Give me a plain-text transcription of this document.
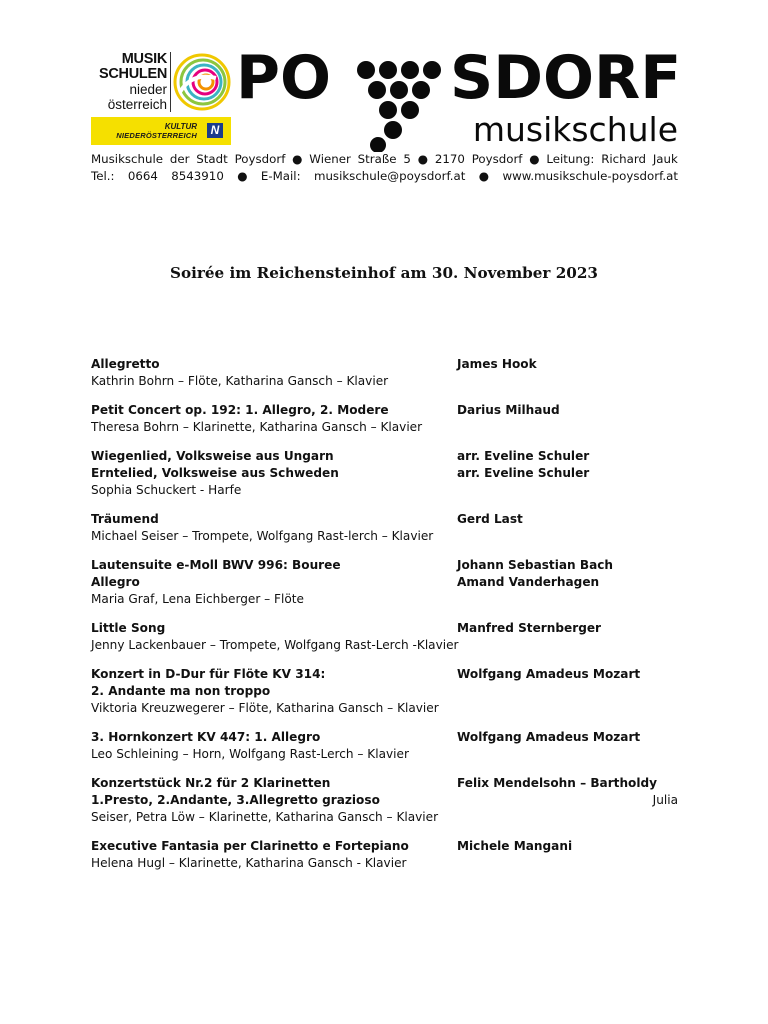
MUSIK
SCHULEN
nieder
österreich
KULTUR
NIEDERÖSTERREICH	N
PO SDORF
musikschule
Musikschule der Stadt Poysdorf ● Wiener Straße 5 ● 2170 Poysdorf ● Leitung: Richard Jauk
Tel.: 0664 8543910 ● E-Mail: musikschule@poysdorf.at ● www.musikschule-poysdorf.at
Soirée im Reichensteinhof am 30. November 2023
Allegretto	James Hook
Kathrin Bohrn – Flöte, Katharina Gansch – Klavier
Petit Concert op. 192: 1. Allegro, 2. Modere	Darius Milhaud
Theresa Bohrn – Klarinette, Katharina Gansch – Klavier
Wiegenlied, Volksweise aus Ungarn	arr. Eveline Schuler
Erntelied, Volksweise aus Schweden	arr. Eveline Schuler
Sophia Schuckert - Harfe
Träumend	Gerd Last
Michael Seiser – Trompete, Wolfgang Rast-lerch – Klavier
Lautensuite e-Moll BWV 996: Bouree	Johann Sebastian Bach
Allegro	Amand Vanderhagen
Maria Graf, Lena Eichberger – Flöte
Little Song	Manfred Sternberger
Jenny Lackenbauer – Trompete, Wolfgang Rast-Lerch -Klavier
Konzert in D-Dur für Flöte KV 314:	Wolfgang Amadeus Mozart
2. Andante ma non troppo
Viktoria Kreuzwegerer – Flöte, Katharina Gansch – Klavier
3. Hornkonzert KV 447: 1. Allegro	Wolfgang Amadeus Mozart
Leo Schleining – Horn, Wolfgang Rast-Lerch – Klavier
Konzertstück Nr.2 für 2 Klarinetten	Felix Mendelsohn – Bartholdy
1.Presto, 2.Andante, 3.Allegretto grazioso	Julia
Seiser, Petra Löw – Klarinette, Katharina Gansch – Klavier
Executive Fantasia per Clarinetto e Fortepiano	Michele Mangani
Helena Hugl – Klarinette, Katharina Gansch - Klavier
